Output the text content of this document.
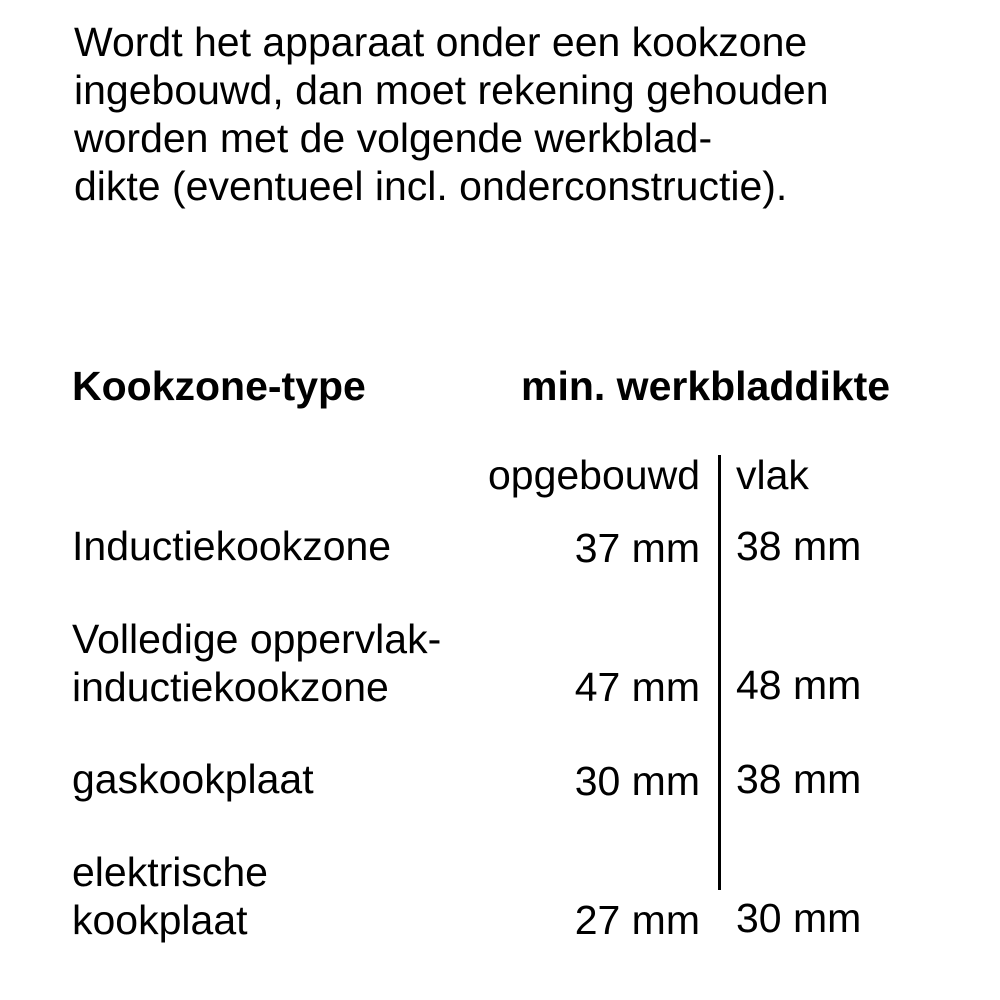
Wordt het apparaat onder een kookzone
ingebouwd, dan moet rekening gehouden
worden met de volgende werkblad-
dikte (eventueel incl. onderconstructie).
Kookzone-type	min. werkbladdikte
opgebouwd vlak
Inductiekookzone	37 mm 38 mm
Volledige oppervlak-
inductiekookzone	47 mm 48 mm
gaskookplaat	30 mm 38 mm
elektrische
kookplaat	27 mm 30 mm
